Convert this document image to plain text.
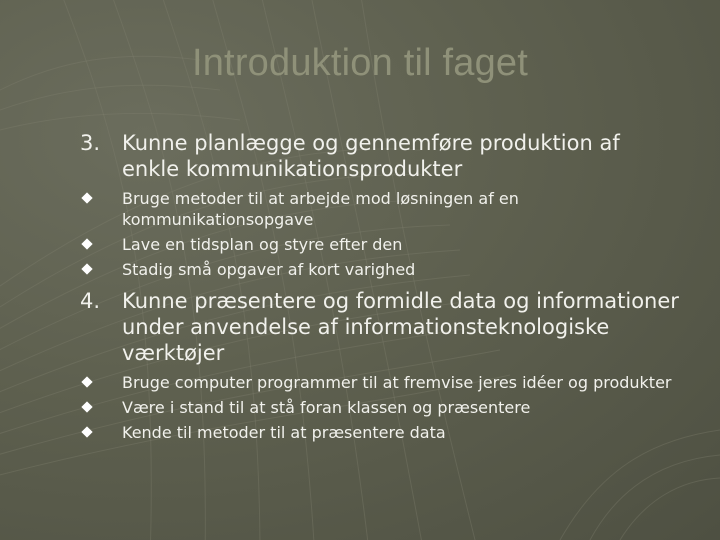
Introduktion til faget
3.	Kunne planlægge og gennemføre produktion af enkle kommunikationsprodukter
Bruge metoder til at arbejde mod løsningen af en kommunikationsopgave
Lave en tidsplan og styre efter den
Stadig små opgaver af kort varighed
4.	Kunne præsentere og formidle data og informationer under anvendelse af informationsteknologiske værktøjer
Bruge computer programmer til at fremvise jeres idéer og produkter
Være i stand til at stå foran klassen og præsentere
Kende til metoder til at præsentere data
